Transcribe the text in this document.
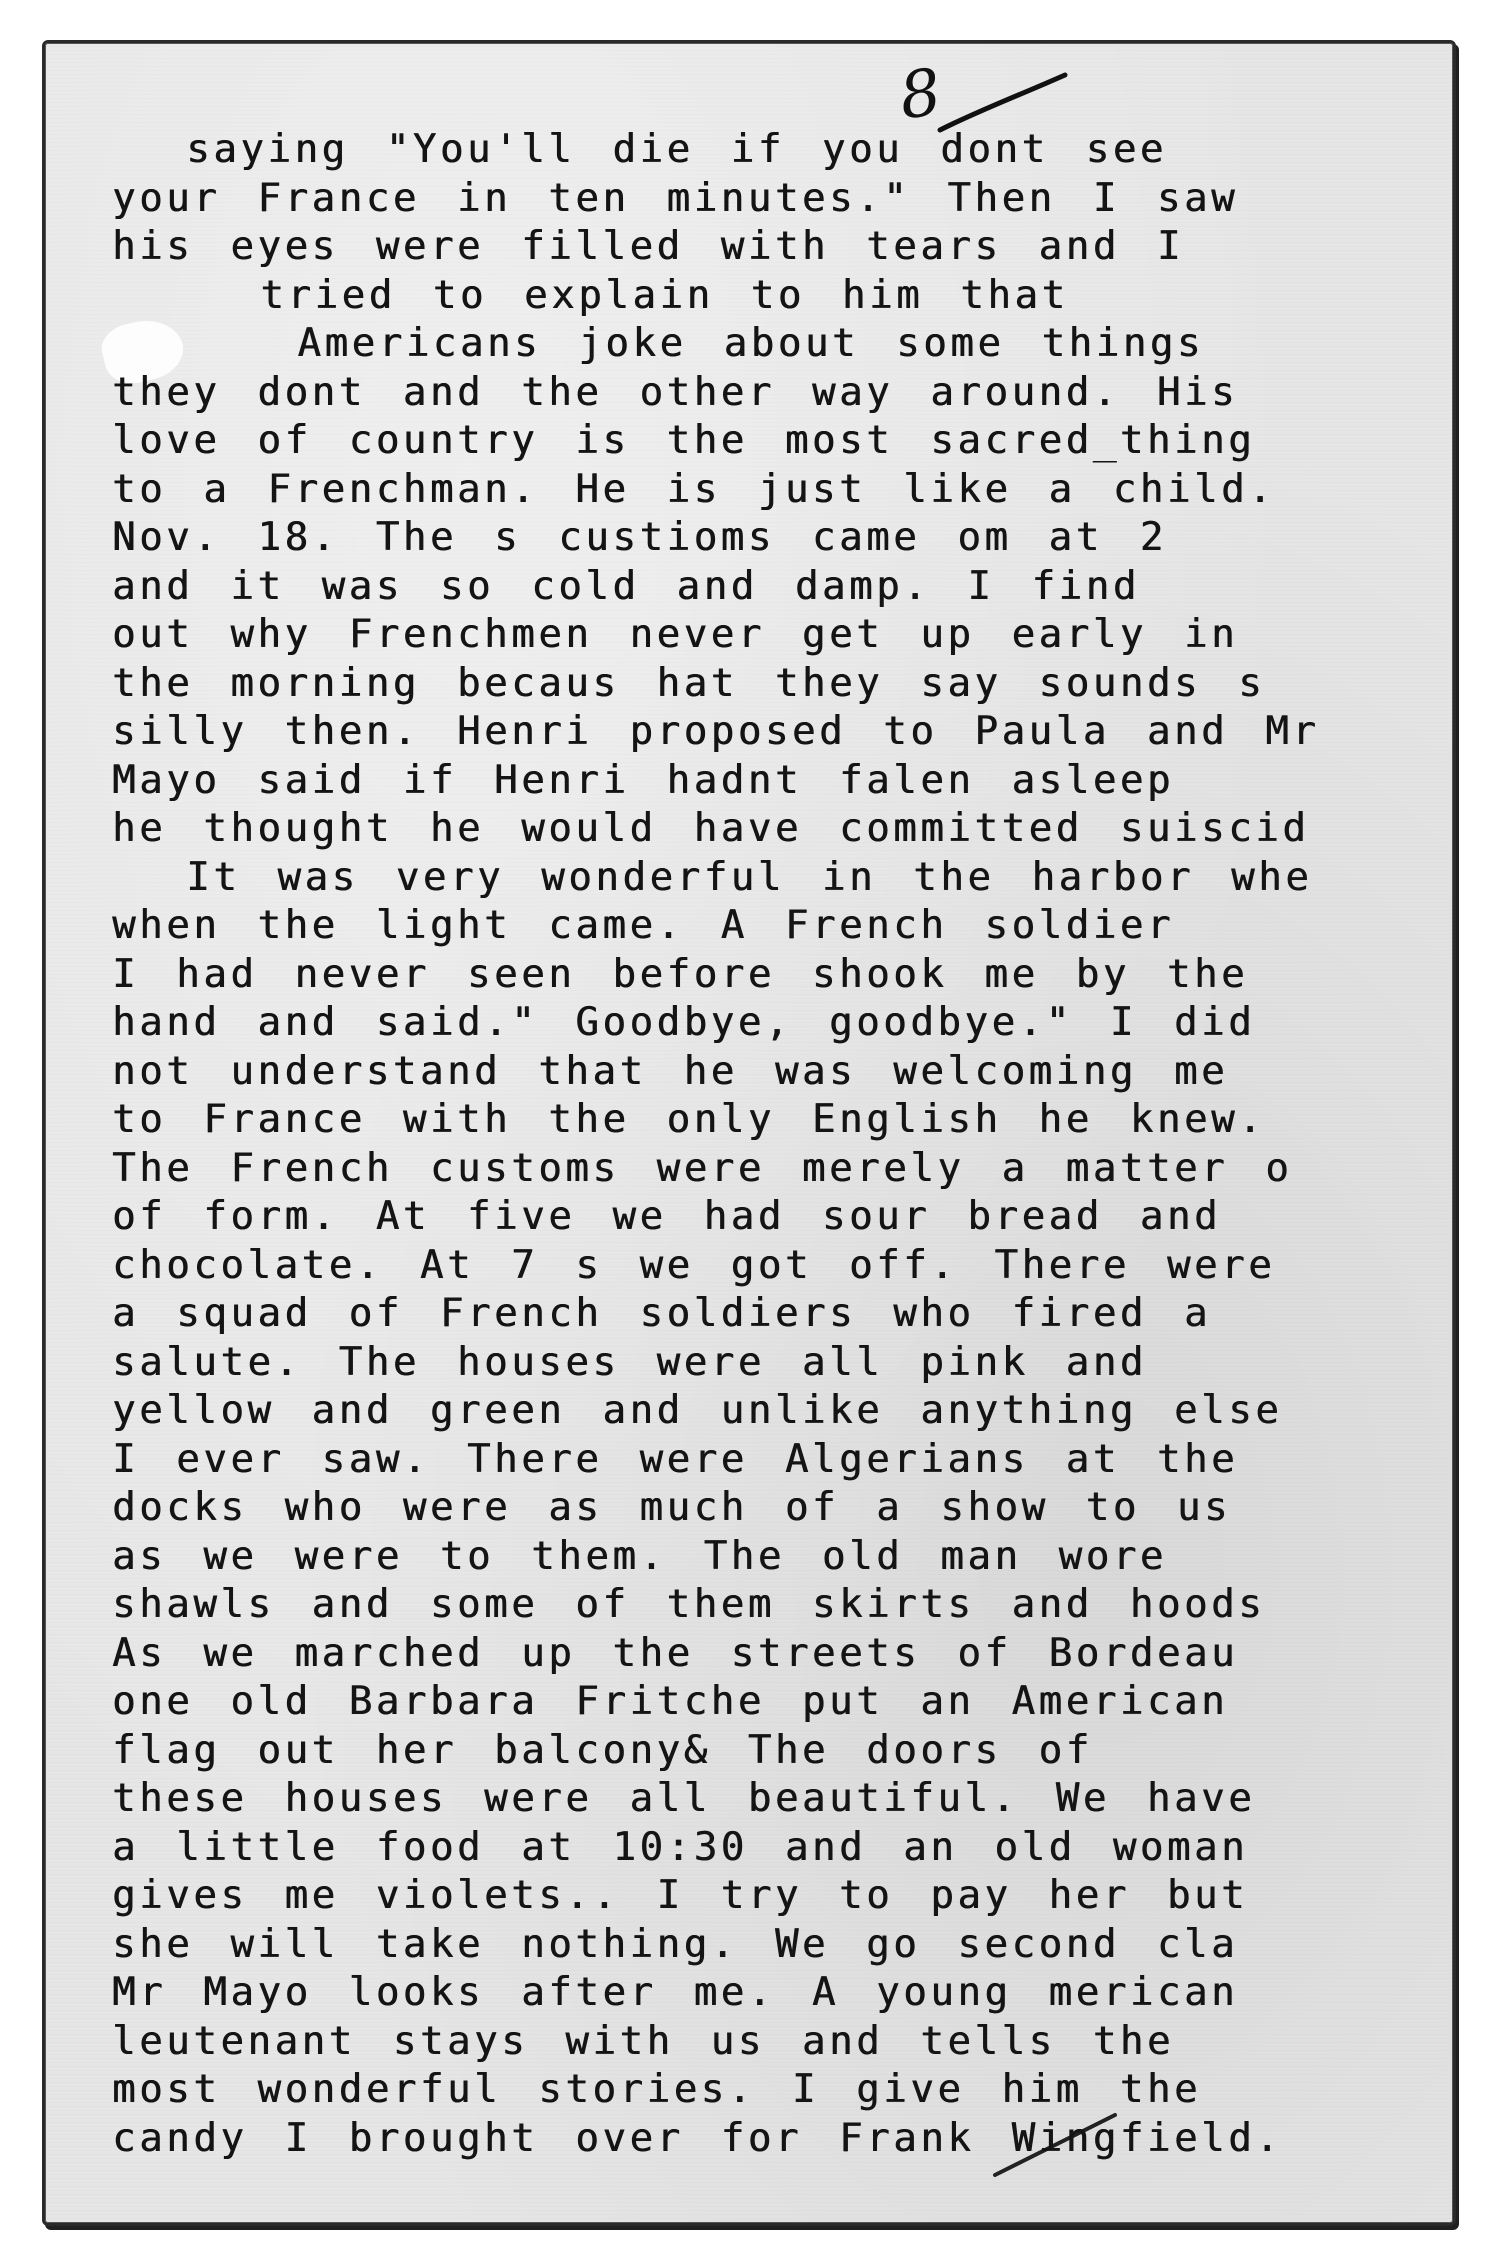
8
saying "You'll die if you dont see
your France in ten minutes." Then I saw
his eyes were filled with tears and I
tried to explain to him that
Americans joke about some things
they dont and the other way around. His
love of country is the most sacred_thing
to a Frenchman. He is just like a child.
Nov. 18. The s custioms came om at 2
and it was so cold and damp. I find
out why Frenchmen never get up early in
the morning becaus hat they say sounds s
silly then. Henri proposed to Paula and Mr
Mayo said if Henri hadnt falen asleep
he thought he would have committed suiscid
It was very wonderful in the harbor whe
when the light came. A French soldier
I had never seen before shook me by the
hand and said." Goodbye, goodbye." I did
not understand that he was welcoming me
to France with the only English he knew.
The French customs were merely a matter o
of form. At five we had sour bread and
chocolate. At 7 s we got off. There were
a squad of French soldiers who fired a
salute. The houses were all pink and
yellow and green and unlike anything else
I ever saw. There were Algerians at the
docks who were as much of a show to us
as we were to them. The old man wore
shawls and some of them skirts and hoods
As we marched up the streets of Bordeau
one old Barbara Fritche put an American
flag out her balcony& The doors of
these houses were all beautiful. We have
a little food at 10:30 and an old woman
gives me violets.. I try to pay her but
she will take nothing. We go second cla
Mr Mayo looks after me. A young merican
leutenant stays with us and tells the
most wonderful stories. I give him the
candy I brought over for Frank Wingfield.
